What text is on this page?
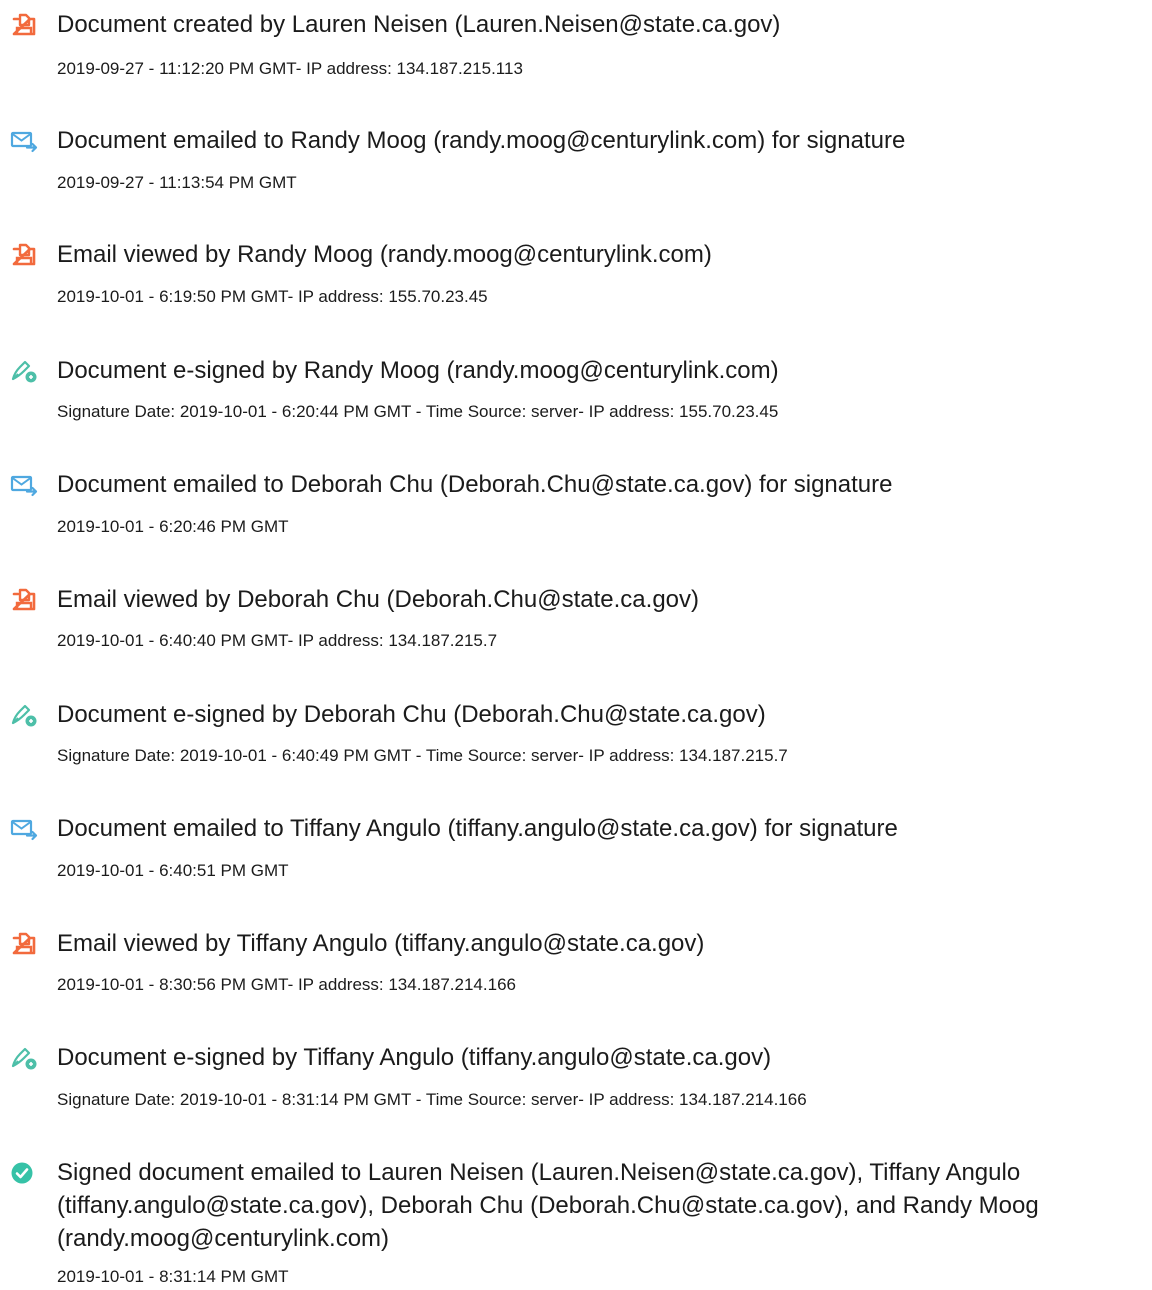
Document created by Lauren Neisen (Lauren.Neisen@state.ca.gov)
2019-09-27 - 11:12:20 PM GMT- IP address: 134.187.215.113
Document emailed to Randy Moog (randy.moog@centurylink.com) for signature
2019-09-27 - 11:13:54 PM GMT
Email viewed by Randy Moog (randy.moog@centurylink.com)
2019-10-01 - 6:19:50 PM GMT- IP address: 155.70.23.45
Document e-signed by Randy Moog (randy.moog@centurylink.com)
Signature Date: 2019-10-01 - 6:20:44 PM GMT - Time Source: server- IP address: 155.70.23.45
Document emailed to Deborah Chu (Deborah.Chu@state.ca.gov) for signature
2019-10-01 - 6:20:46 PM GMT
Email viewed by Deborah Chu (Deborah.Chu@state.ca.gov)
2019-10-01 - 6:40:40 PM GMT- IP address: 134.187.215.7
Document e-signed by Deborah Chu (Deborah.Chu@state.ca.gov)
Signature Date: 2019-10-01 - 6:40:49 PM GMT - Time Source: server- IP address: 134.187.215.7
Document emailed to Tiffany Angulo (tiffany.angulo@state.ca.gov) for signature
2019-10-01 - 6:40:51 PM GMT
Email viewed by Tiffany Angulo (tiffany.angulo@state.ca.gov)
2019-10-01 - 8:30:56 PM GMT- IP address: 134.187.214.166
Document e-signed by Tiffany Angulo (tiffany.angulo@state.ca.gov)
Signature Date: 2019-10-01 - 8:31:14 PM GMT - Time Source: server- IP address: 134.187.214.166
Signed document emailed to Lauren Neisen (Lauren.Neisen@state.ca.gov), Tiffany Angulo (tiffany.angulo@state.ca.gov), Deborah Chu (Deborah.Chu@state.ca.gov), and Randy Moog (randy.moog@centurylink.com)
2019-10-01 - 8:31:14 PM GMT
